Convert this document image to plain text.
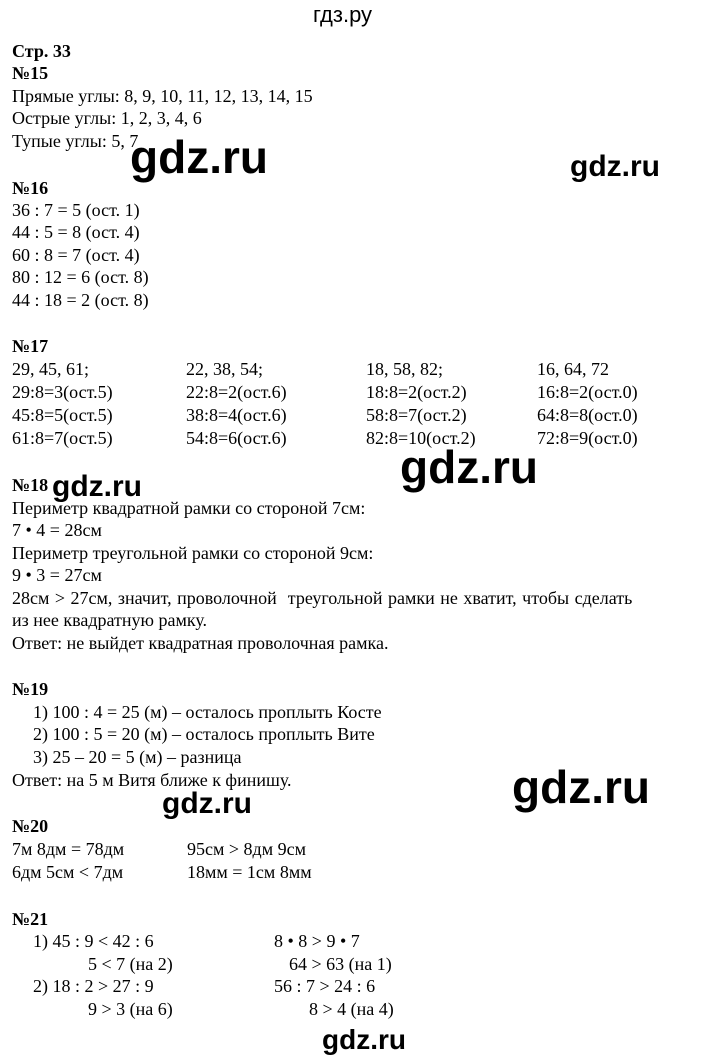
гдз.ру
Стр. 33
№15
Прямые углы: 8, 9, 10, 11, 12, 13, 14, 15
Острые углы: 1, 2, 3, 4, 6
Тупые углы: 5, 7
№16
36 : 7 = 5 (ост. 1)
44 : 5 = 8 (ост. 4)
60 : 8 = 7 (ост. 4)
80 : 12 = 6 (ост. 8)
44 : 18 = 2 (ост. 8)
№17
29, 45, 61;
29:8=3(ост.5)
45:8=5(ост.5)
61:8=7(ост.5)
22, 38, 54;
22:8=2(ост.6)
38:8=4(ост.6)
54:8=6(ост.6)
18, 58, 82;
18:8=2(ост.2)
58:8=7(ост.2)
82:8=10(ост.2)
16, 64, 72
16:8=2(ост.0)
64:8=8(ост.0)
72:8=9(ост.0)
№18
Периметр квадратной рамки со стороной 7см:
7 • 4 = 28см
Периметр треугольной рамки со стороной 9см:
9 • 3 = 27см
28см > 27см, значит, проволочной  треугольной рамки не хватит, чтобы сделать
из нее квадратную рамку.
Ответ: не выйдет квадратная проволочная рамка.
№19
1) 100 : 4 = 25 (м) – осталось проплыть Косте
2) 100 : 5 = 20 (м) – осталось проплыть Вите
3) 25 – 20 = 5 (м) – разница
Ответ: на 5 м Витя ближе к финишу.
№20
7м 8дм = 78дм
6дм 5см < 7дм
95см > 8дм 9см
18мм = 1см 8мм
№21
1) 45 : 9 < 42 : 6
5 < 7 (на 2)
2) 18 : 2 > 27 : 9
9 > 3 (на 6)
8 • 8 > 9 • 7
64 > 63 (на 1)
56 : 7 > 24 : 6
8 > 4 (на 4)
gdz.ru	gdz.ru
gdz.ru
gdz.ru
gdz.ru
gdz.ru
gdz.ru
